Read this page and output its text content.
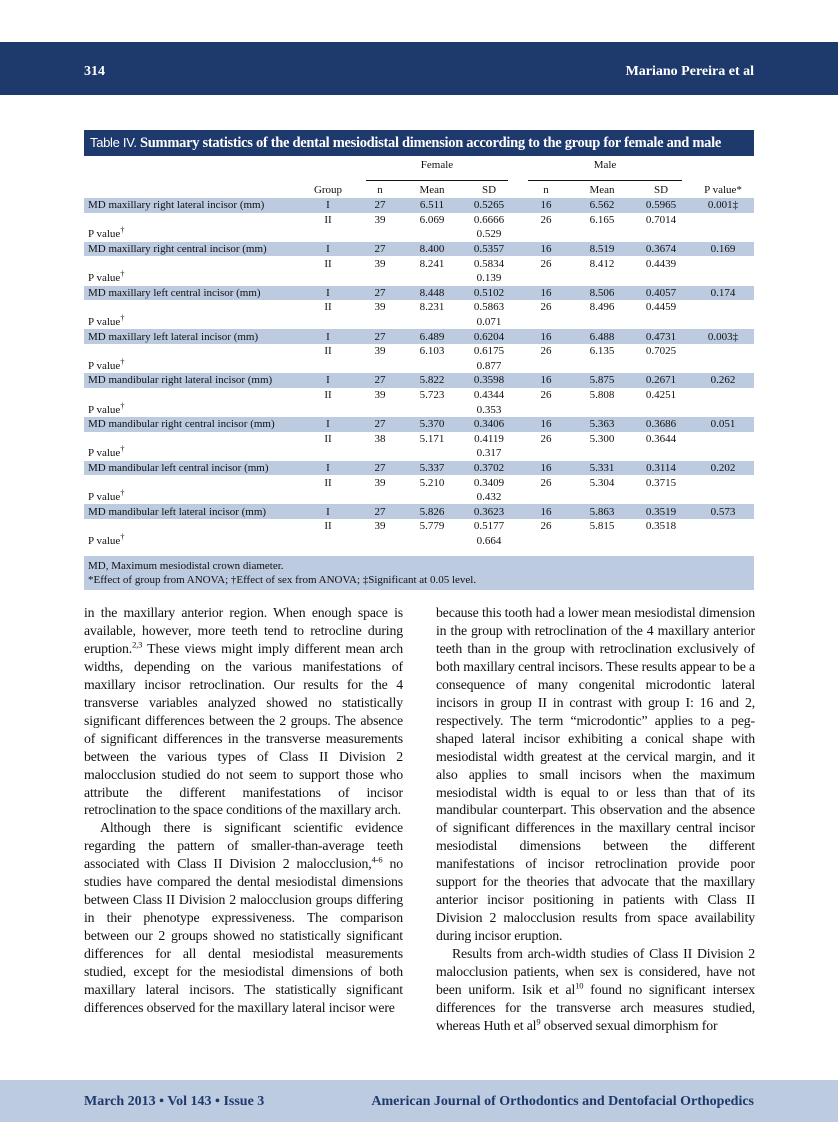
314	Mariano Pereira et al
Table IV. Summary statistics of the dental mesiodistal dimension according to the group for female and male
		Female			Male			
	Group	n	Mean	SD	n	Mean	SD	P value*
MD maxillary right lateral incisor (mm)	I	27	6.511	0.5265	16	6.562	0.5965	0.001‡
	II	39	6.069	0.6666	26	6.165	0.7014	
P value†				0.529				
MD maxillary right central incisor (mm)	I	27	8.400	0.5357	16	8.519	0.3674	0.169
	II	39	8.241	0.5834	26	8.412	0.4439	
P value†				0.139				
MD maxillary left central incisor (mm)	I	27	8.448	0.5102	16	8.506	0.4057	0.174
	II	39	8.231	0.5863	26	8.496	0.4459	
P value†				0.071				
MD maxillary left lateral incisor (mm)	I	27	6.489	0.6204	16	6.488	0.4731	0.003‡
	II	39	6.103	0.6175	26	6.135	0.7025	
P value†				0.877				
MD mandibular right lateral incisor (mm)	I	27	5.822	0.3598	16	5.875	0.2671	0.262
	II	39	5.723	0.4344	26	5.808	0.4251	
P value†				0.353				
MD mandibular right central incisor (mm)	I	27	5.370	0.3406	16	5.363	0.3686	0.051
	II	38	5.171	0.4119	26	5.300	0.3644	
P value†				0.317				
MD mandibular left central incisor (mm)	I	27	5.337	0.3702	16	5.331	0.3114	0.202
	II	39	5.210	0.3409	26	5.304	0.3715	
P value†				0.432				
MD mandibular left lateral incisor (mm)	I	27	5.826	0.3623	16	5.863	0.3519	0.573
	II	39	5.779	0.5177	26	5.815	0.3518	
P value†				0.664				
MD, Maximum mesiodistal crown diameter.
*Effect of group from ANOVA; †Effect of sex from ANOVA; ‡Significant at 0.05 level.

in the maxillary anterior region. When enough space is available, however, more teeth tend to retrocline during eruption.$^{2,3}$ These views might imply different mean arch widths, depending on the various manifestations of maxillary incisor retroclination. Our results for the 4 transverse variables analyzed showed no statistically significant differences between the 2 groups. The absence of significant differences in the transverse measurements between the various types of Class II Division 2 malocclusion studied do not seem to support those who attribute the different manifestations of incisor retroclination to the space conditions of the maxillary arch.

Although there is significant scientific evidence regarding the pattern of smaller-than-average teeth associated with Class II Division 2 malocclusion,$^{4-6}$ no studies have compared the dental mesiodistal dimensions between Class II Division 2 malocclusion groups differing in their phenotype expressiveness. The comparison between our 2 groups showed no statistically significant differences for all dental mesiodistal measurements studied, except for the mesiodistal dimensions of both maxillary lateral incisors. The statistically significant differences observed for the maxillary lateral incisor were

because this tooth had a lower mean mesiodistal dimension in the group with retroclination of the 4 maxillary anterior teeth than in the group with retroclination exclusively of both maxillary central incisors. These results appear to be a consequence of many congenital microdontic lateral incisors in group II in contrast with group I: 16 and 2, respectively. The term “microdontic” applies to a peg-shaped lateral incisor exhibiting a conical shape with mesiodistal width greatest at the cervical margin, and it also applies to small incisors when the maximum mesiodistal width is equal to or less than that of its mandibular counterpart. This observation and the absence of significant differences in the maxillary central incisor mesiodistal dimensions between the different manifestations of incisor retroclination provide poor support for the theories that advocate that the maxillary anterior incisor positioning in patients with Class II Division 2 malocclusion results from space availability during incisor eruption.

Results from arch-width studies of Class II Division 2 malocclusion patients, when sex is considered, have not been uniform. Isik et $al^{10}$ found no significant intersex differences for the transverse arch measures studied, whereas Huth et $al^9$ observed sexual dimorphism for

March 2013 • Vol 143 • Issue 3	American Journal of Orthodontics and Dentofacial Orthopedics
